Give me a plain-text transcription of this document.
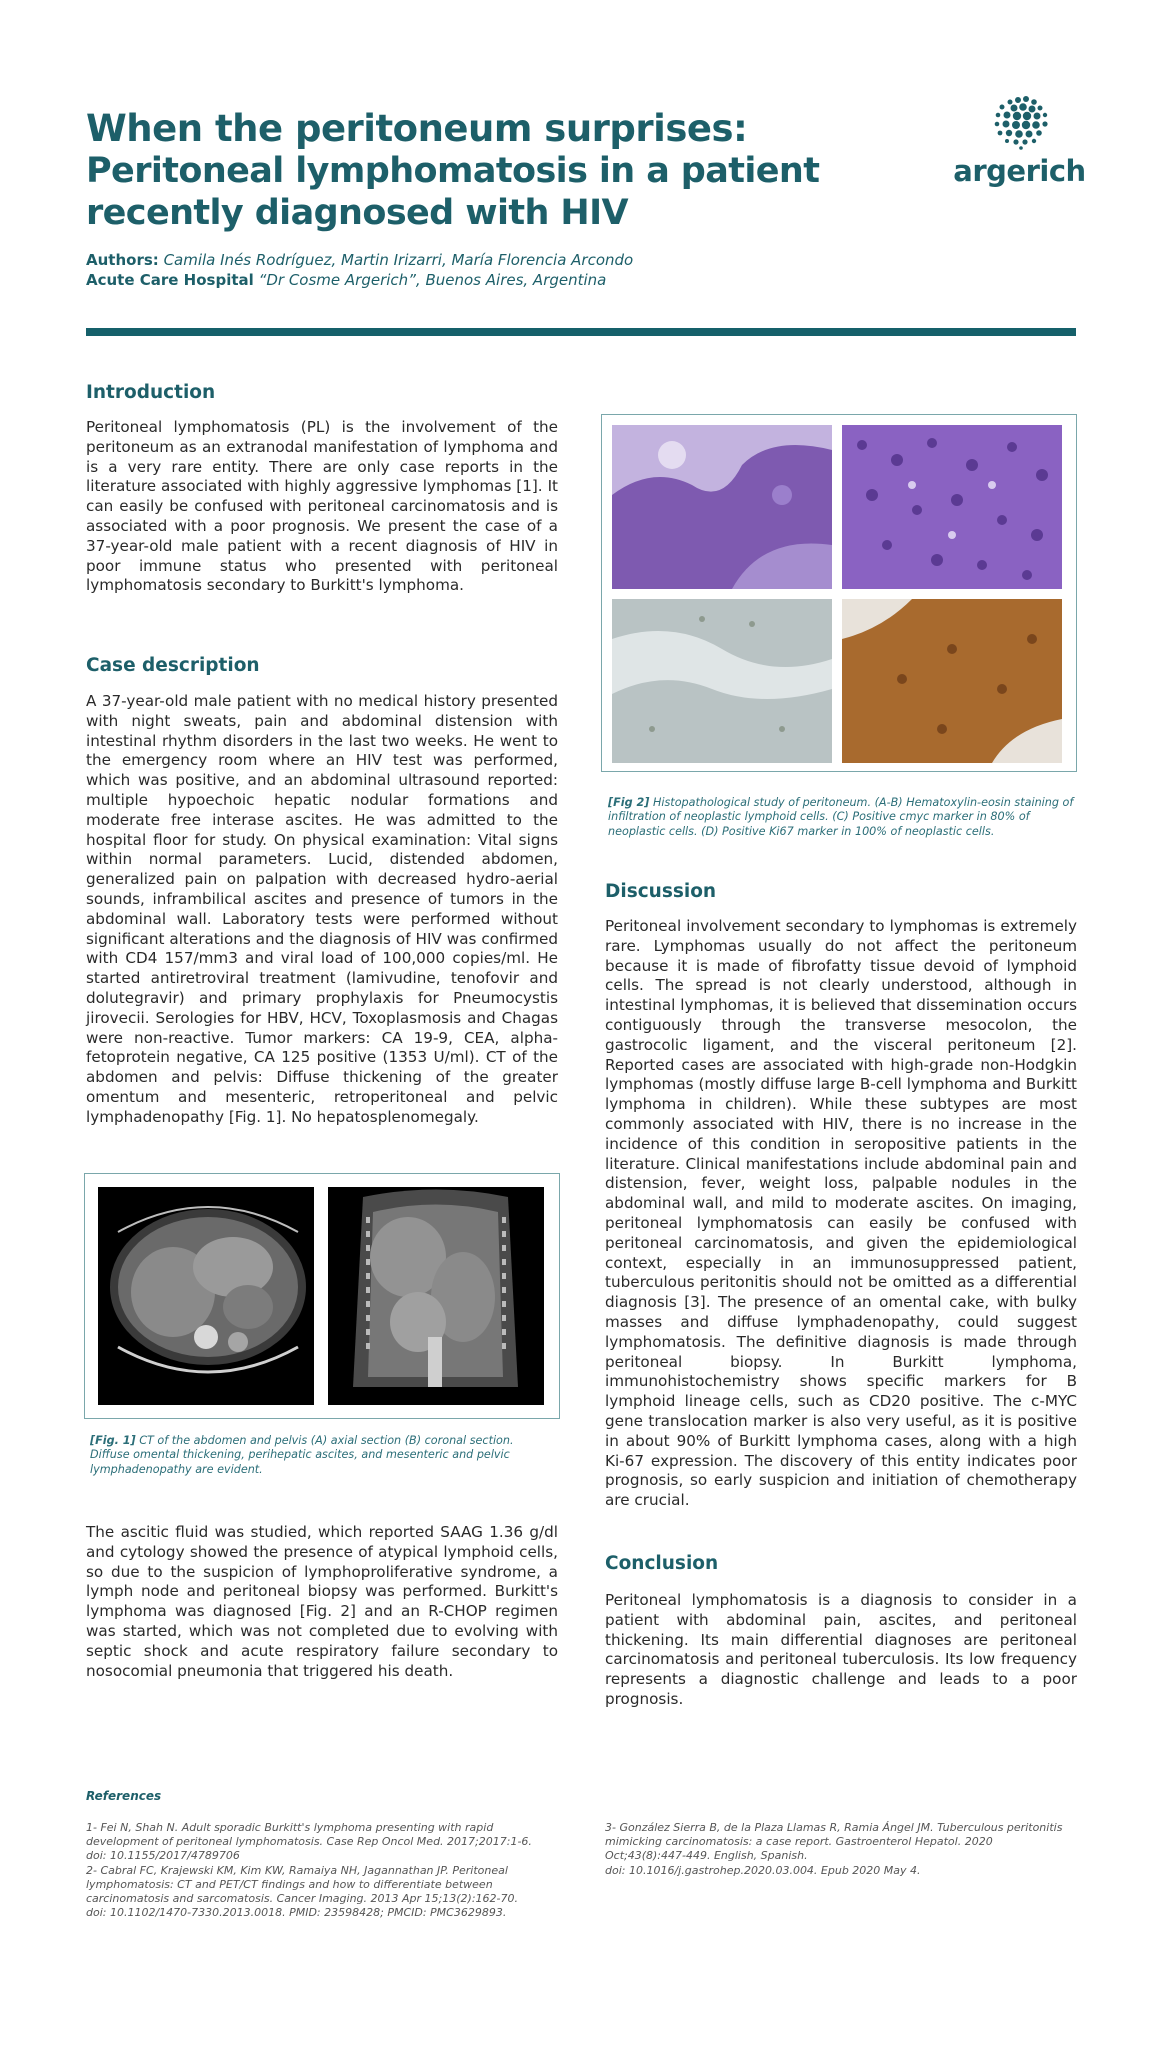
When the peritoneum surprises:
Peritoneal lymphomatosis in a patient recently diagnosed with HIV
argerich
Authors: Camila Inés Rodríguez, Martin Irizarri, María Florencia Arcondo
Acute Care Hospital “Dr Cosme Argerich”, Buenos Aires, Argentina
Introduction

Peritoneal lymphomatosis (PL) is the involvement of the peritoneum as an extranodal manifestation of lymphoma and is a very rare entity. There are only case reports in the literature associated with highly aggressive lymphomas [1]. It can easily be confused with peritoneal carcinomatosis and is associated with a poor prognosis. We present the case of a 37-year-old male patient with a recent diagnosis of HIV in poor immune status who presented with peritoneal lymphomatosis secondary to Burkitt's lymphoma.

Case description

A 37-year-old male patient with no medical history presented with night sweats, pain and abdominal distension with intestinal rhythm disorders in the last two weeks. He went to the emergency room where an HIV test was performed, which was positive, and an abdominal ultrasound reported: multiple hypoechoic hepatic nodular formations and moderate free interase ascites. He was admitted to the hospital floor for study. On physical examination: Vital signs within normal parameters. Lucid, distended abdomen, generalized pain on palpation with decreased hydro-aerial sounds, inframbilical ascites and presence of tumors in the abdominal wall. Laboratory tests were performed without significant alterations and the diagnosis of HIV was confirmed with CD4 157/mm3 and viral load of 100,000 copies/ml. He started antiretroviral treatment (lamivudine, tenofovir and dolutegravir) and primary prophylaxis for Pneumocystis jirovecii. Serologies for HBV, HCV, Toxoplasmosis and Chagas were non-reactive. Tumor markers: CA 19-9, CEA, alpha-fetoprotein negative, CA 125 positive (1353 U/ml). CT of the abdomen and pelvis: Diffuse thickening of the greater omentum and mesenteric, retroperitoneal and pelvic lymphadenopathy [Fig. 1]. No hepatosplenomegaly.

[Fig. 1] CT of the abdomen and pelvis (A) axial section (B) coronal section. Diffuse omental thickening, perihepatic ascites, and mesenteric and pelvic lymphadenopathy are evident.

The ascitic fluid was studied, which reported SAAG 1.36 g/dl and cytology showed the presence of atypical lymphoid cells, so due to the suspicion of lymphoproliferative syndrome, a lymph node and peritoneal biopsy was performed. Burkitt's lymphoma was diagnosed [Fig. 2] and an R-CHOP regimen was started, which was not completed due to evolving with septic shock and acute respiratory failure secondary to nosocomial pneumonia that triggered his death.

[Fig 2] Histopathological study of peritoneum. (A-B) Hematoxylin-eosin staining of infiltration of neoplastic lymphoid cells. (C) Positive cmyc marker in 80% of neoplastic cells. (D) Positive Ki67 marker in 100% of neoplastic cells.

Discussion

Peritoneal involvement secondary to lymphomas is extremely rare. Lymphomas usually do not affect the peritoneum because it is made of fibrofatty tissue devoid of lymphoid cells. The spread is not clearly understood, although in intestinal lymphomas, it is believed that dissemination occurs contiguously through the transverse mesocolon, the gastrocolic ligament, and the visceral peritoneum [2]. Reported cases are associated with high-grade non-Hodgkin lymphomas (mostly diffuse large B-cell lymphoma and Burkitt lymphoma in children). While these subtypes are most commonly associated with HIV, there is no increase in the incidence of this condition in seropositive patients in the literature. Clinical manifestations include abdominal pain and distension, fever, weight loss, palpable nodules in the abdominal wall, and mild to moderate ascites. On imaging, peritoneal lymphomatosis can easily be confused with peritoneal carcinomatosis, and given the epidemiological context, especially in an immunosuppressed patient, tuberculous peritonitis should not be omitted as a differential diagnosis [3]. The presence of an omental cake, with bulky masses and diffuse lymphadenopathy, could suggest lymphomatosis. The definitive diagnosis is made through peritoneal biopsy. In Burkitt lymphoma, immunohistochemistry shows specific markers for B lymphoid lineage cells, such as CD20 positive. The c-MYC gene translocation marker is also very useful, as it is positive in about 90% of Burkitt lymphoma cases, along with a high Ki-67 expression. The discovery of this entity indicates poor prognosis, so early suspicion and initiation of chemotherapy are crucial.

Conclusion

Peritoneal lymphomatosis is a diagnosis to consider in a patient with abdominal pain, ascites, and peritoneal thickening. Its main differential diagnoses are peritoneal carcinomatosis and peritoneal tuberculosis. Its low frequency represents a diagnostic challenge and leads to a poor prognosis.

References

1- Fei N, Shah N. Adult sporadic Burkitt's lymphoma presenting with rapid development of peritoneal lymphomatosis. Case Rep Oncol Med. 2017;2017:1-6.

doi: 10.1155/2017/4789706

2- Cabral FC, Krajewski KM, Kim KW, Ramaiya NH, Jagannathan JP. Peritoneal lymphomatosis: CT and PET/CT findings and how to differentiate between carcinomatosis and sarcomatosis. Cancer Imaging. 2013 Apr 15;13(2):162-70.

doi: 10.1102/1470-7330.2013.0018. PMID: 23598428; PMCID: PMC3629893.

3- González Sierra B, de la Plaza Llamas R, Ramia Ángel JM. Tuberculous peritonitis mimicking carcinomatosis: a case report. Gastroenterol Hepatol. 2020 Oct;43(8):447-449. English, Spanish.

doi: 10.1016/j.gastrohep.2020.03.004. Epub 2020 May 4.
